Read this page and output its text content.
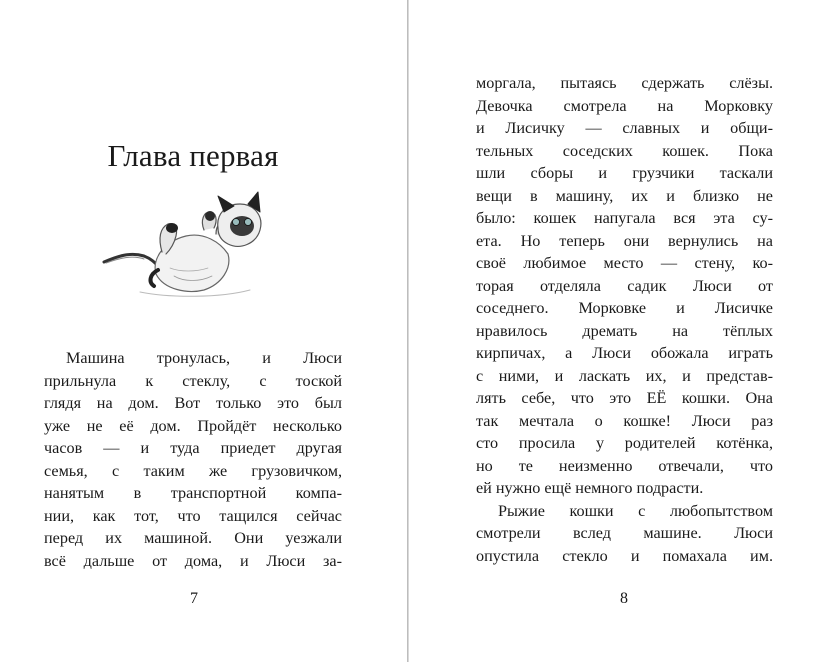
Глава первая
Машина тронулась, и Люси
прильнула к стеклу, с тоской
глядя на дом. Вот только это был
уже не её дом. Пройдёт несколько
часов — и туда приедет другая
семья, с таким же грузовичком,
нанятым в транспортной компа-
нии, как тот, что тащился сейчас
перед их машиной. Они уезжали
всё дальше от дома, и Люси за-
7
моргала, пытаясь сдержать слёзы.
Девочка смотрела на Морковку
и Лисичку — славных и общи-
тельных соседских кошек. Пока
шли сборы и грузчики таскали
вещи в машину, их и близко не
было: кошек напугала вся эта су-
ета. Но теперь они вернулись на
своё любимое место — стену, ко-
торая отделяла садик Люси от
соседнего. Морковке и Лисичке
нравилось дремать на тёплых
кирпичах, а Люси обожала играть
с ними, и ласкать их, и представ-
лять себе, что это ЕЁ кошки. Она
так мечтала о кошке! Люси раз
сто просила у родителей котёнка,
но те неизменно отвечали, что
ей нужно ещё немного подрасти.
Рыжие кошки с любопытством
смотрели вслед машине. Люси
опустила стекло и помахала им.
8
